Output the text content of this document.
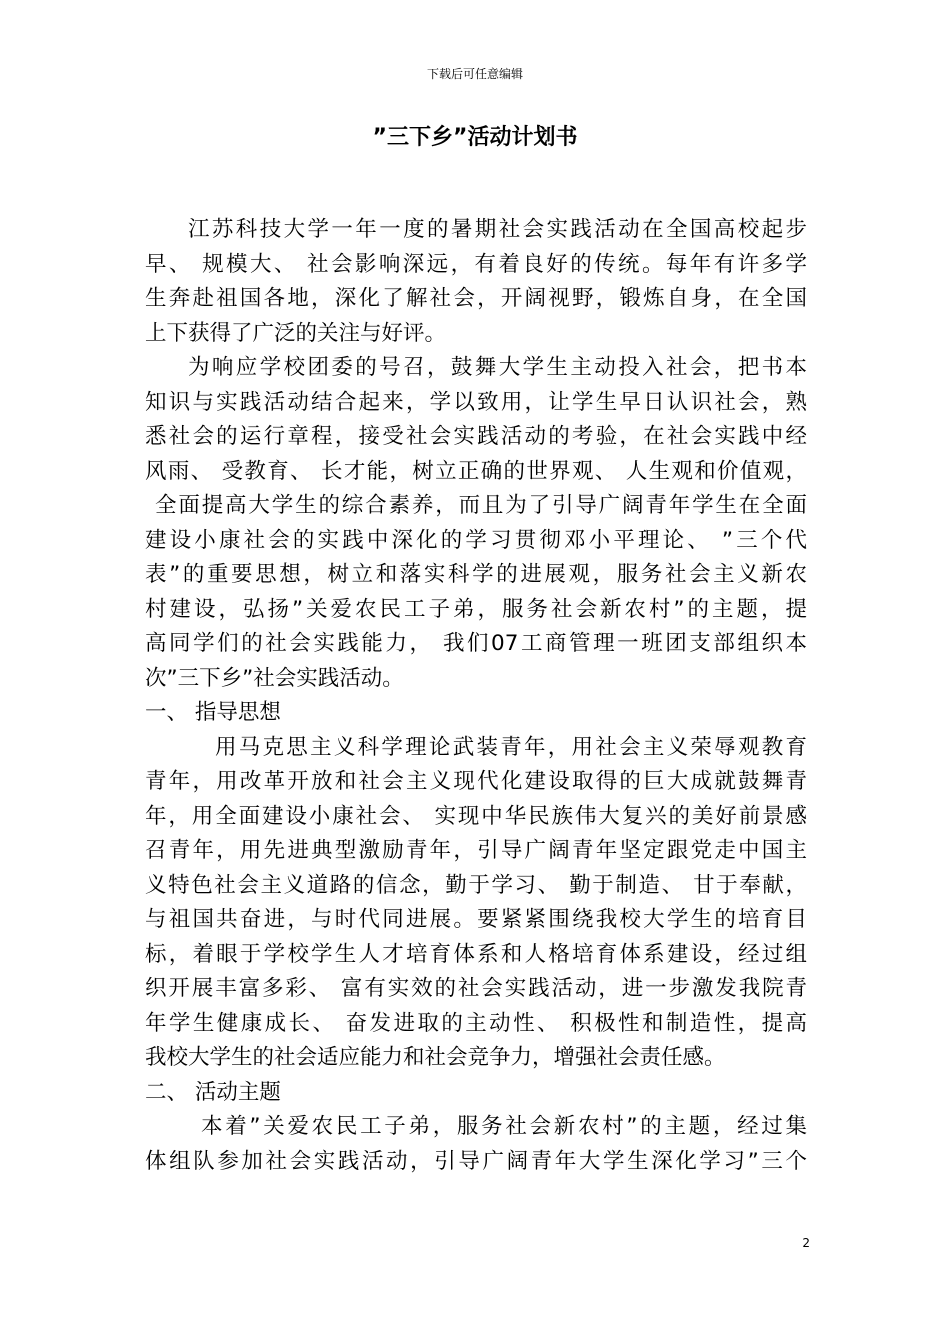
下载后可任意编辑
”三下乡”活动计划书
江苏科技大学一年一度的暑期社会实践活动在全国高校起步
早、 规模大、 社会影响深远，有着良好的传统。每年有许多学
生奔赴祖国各地，深化了解社会，开阔视野，锻炼自身，在全国
上下获得了广泛的关注与好评。
为响应学校团委的号召，鼓舞大学生主动投入社会，把书本
知识与实践活动结合起来，学以致用，让学生早日认识社会，熟
悉社会的运行章程，接受社会实践活动的考验，在社会实践中经
风雨、 受教育、 长才能，树立正确的世界观、 人生观和价值观，
全面提高大学生的综合素养，而且为了引导广阔青年学生在全面
建设小康社会的实践中深化的学习贯彻邓小平理论、 ”三个代
表”的重要思想，树立和落实科学的进展观，服务社会主义新农
村建设，弘扬”关爱农民工子弟，服务社会新农村”的主题，提
高同学们的社会实践能力， 我们07工商管理一班团支部组织本
次”三下乡”社会实践活动。
一、 指导思想
用马克思主义科学理论武装青年，用社会主义荣辱观教育
青年，用改革开放和社会主义现代化建设取得的巨大成就鼓舞青
年，用全面建设小康社会、 实现中华民族伟大复兴的美好前景感
召青年，用先进典型激励青年，引导广阔青年坚定跟党走中国主
义特色社会主义道路的信念，勤于学习、 勤于制造、 甘于奉献，
与祖国共奋进，与时代同进展。要紧紧围绕我校大学生的培育目
标，着眼于学校学生人才培育体系和人格培育体系建设，经过组
织开展丰富多彩、 富有实效的社会实践活动，进一步激发我院青
年学生健康成长、 奋发进取的主动性、 积极性和制造性，提高
我校大学生的社会适应能力和社会竞争力，增强社会责任感。
二、 活动主题
本着”关爱农民工子弟，服务社会新农村”的主题，经过集
体组队参加社会实践活动，引导广阔青年大学生深化学习”三个
2
